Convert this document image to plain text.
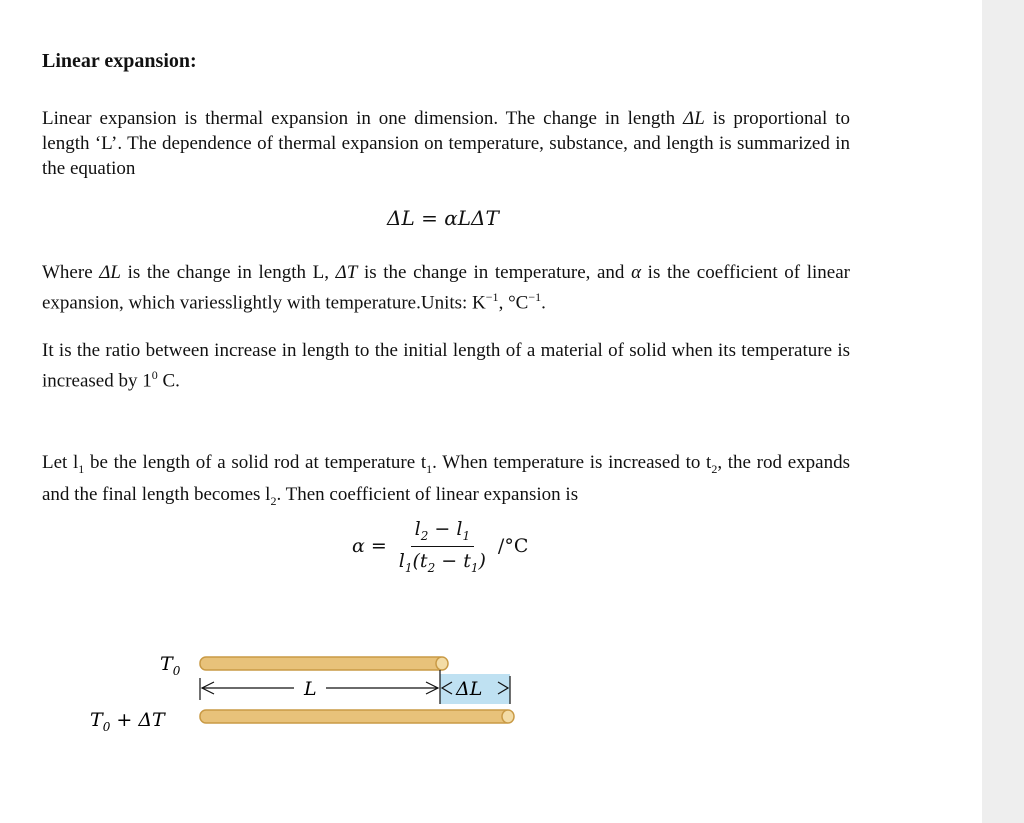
Linear expansion:
Linear expansion is thermal expansion in one dimension. The change in length ΔL is proportional to length ‘L’. The dependence of thermal expansion on temperature, substance, and length is summarized in the equation
ΔL = αLΔT
Where ΔL is the change in length L, ΔT is the change in temperature, and α is the coefficient of linear expansion, which variesslightly with temperature.Units: $K^{-1}$, $^\circ C^{-1}$.
It is the ratio between increase in length to the initial length of a material of solid when its temperature is increased by $1^0$ C.
Let $l_1$ be the length of a solid rod at temperature $t_1$. When temperature is increased to $t_2$, the rod expands and the final length becomes $l_2$. Then coefficient of linear expansion is
$\alpha = \frac{l_2 - l_1}{l_1(t_2 - t_1)} /^\circ C$
$T_0$
$T_0 + \Delta T$
L	ΔL
